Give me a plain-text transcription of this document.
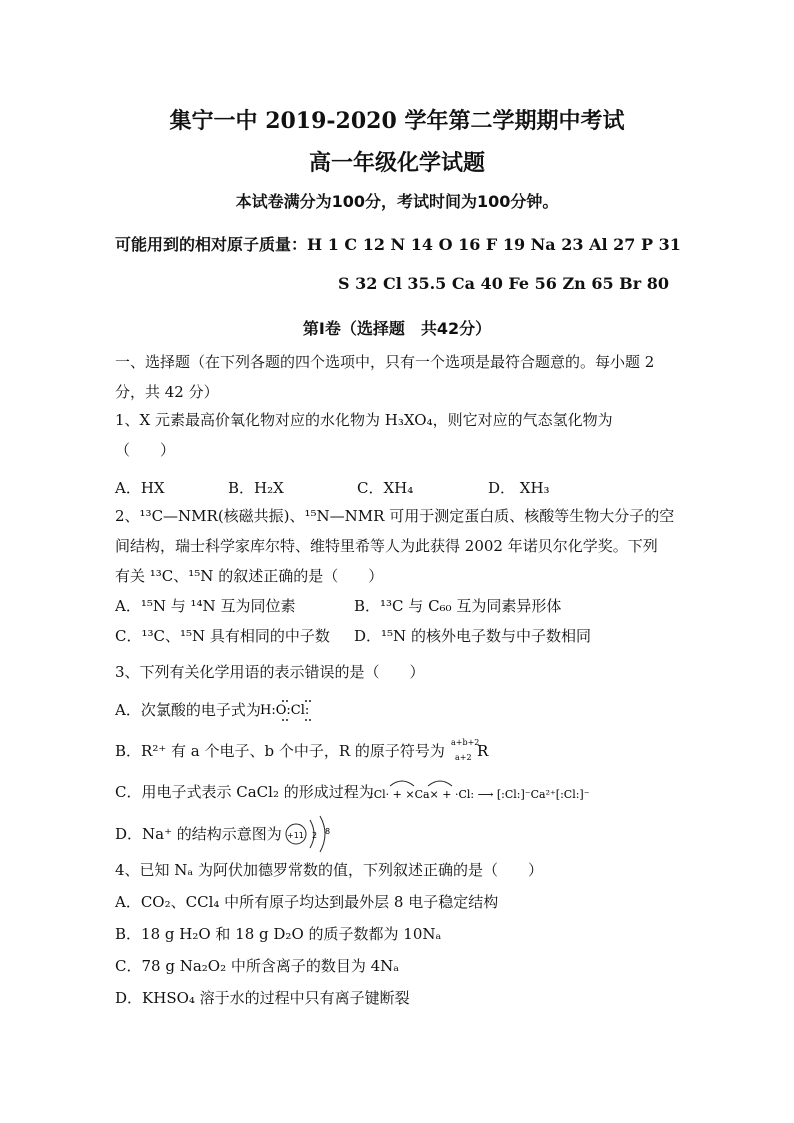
集宁一中 2019-2020 学年第二学期期中考试
高一年级化学试题
本试卷满分为100分，考试时间为100分钟。
可能用到的相对原子质量：H 1 C 12 N 14 O 16 F 19 Na 23 Al 27 P 31
S 32 Cl 35.5 Ca 40 Fe 56 Zn 65 Br 80
第Ⅰ卷（选择题　共42分）
一、选择题（在下列各题的四个选项中，只有一个选项是最符合题意的。每小题 2
分，共 42 分）
1、X 元素最高价氧化物对应的水化物为 H₃XO₄，则它对应的气态氢化物为
（　　）
A．HX	B．H₂X	C．XH₄	D． XH₃
2、¹³C—NMR(核磁共振)、¹⁵N—NMR 可用于测定蛋白质、核酸等生物大分子的空
间结构，瑞士科学家库尔特、维特里希等人为此获得 2002 年诺贝尔化学奖。下列
有关 ¹³C、¹⁵N 的叙述正确的是（　　）
A．¹⁵N 与 ¹⁴N 互为同位素	B．¹³C 与 C₆₀ 互为同素异形体
C．¹³C、¹⁵N 具有相同的中子数 D．¹⁵N 的核外电子数与中子数相同
3、下列有关化学用语的表示错误的是（　　）
A．次氯酸的电子式为 H:O:Cl:
B．R²⁺ 有 a 个电子、b 个中子，R 的原子符号为 a+b+2
a+2 R
C．用电子式表示 CaCl₂ 的形成过程为
:Cl· + ×Ca× + ·Cl: ⟶ [:Cl:]⁻Ca²⁺[:Cl:]⁻
D．Na⁺ 的结构示意图为 +11 2 8
4、已知 Nₐ 为阿伏加德罗常数的值，下列叙述正确的是（　　）
A．CO₂、CCl₄ 中所有原子均达到最外层 8 电子稳定结构
B．18 g H₂O 和 18 g D₂O 的质子数都为 10Nₐ
C．78 g Na₂O₂ 中所含离子的数目为 4Nₐ
D．KHSO₄ 溶于水的过程中只有离子键断裂
